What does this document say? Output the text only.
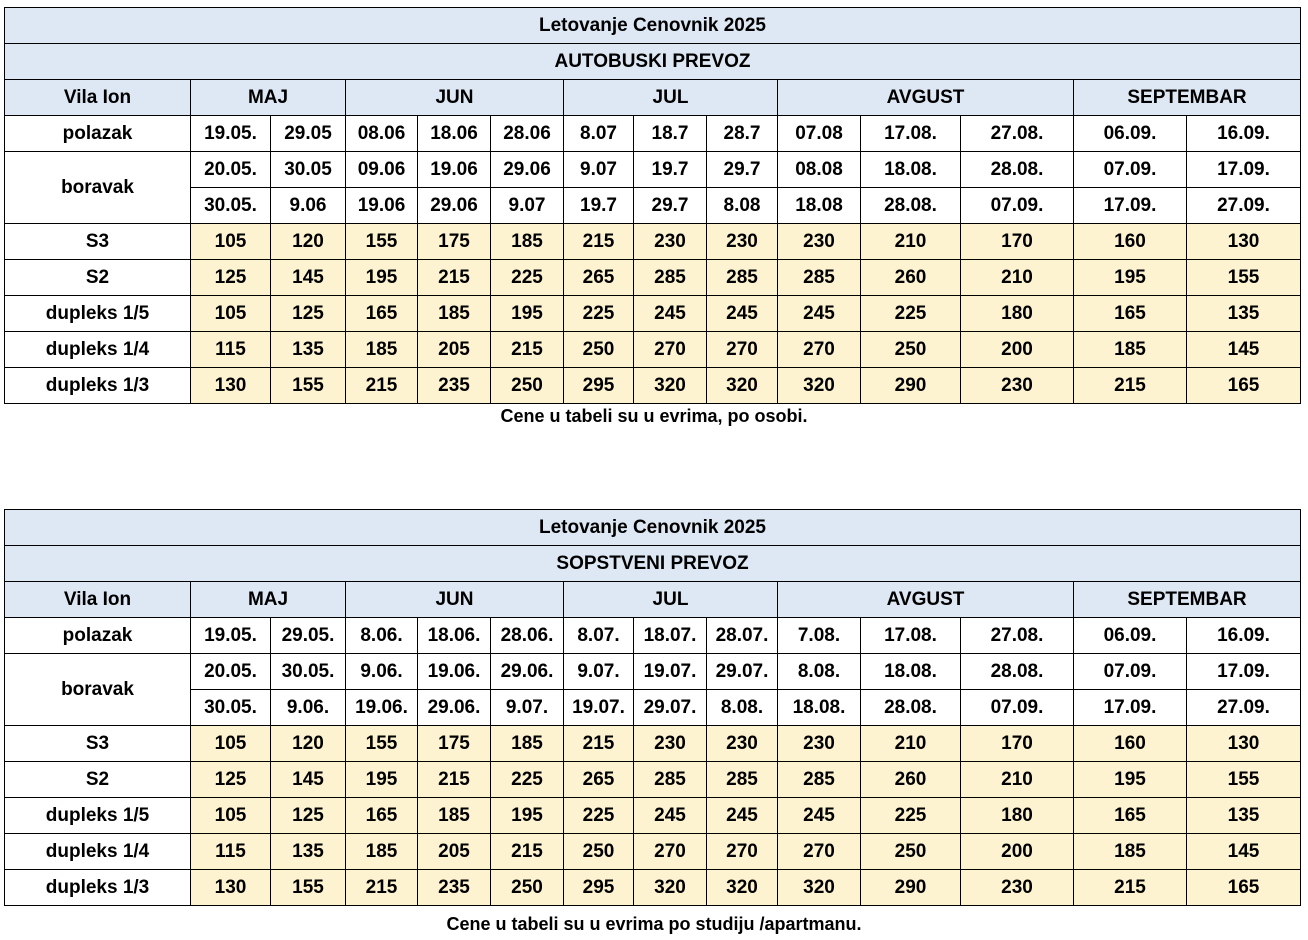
Letovanje Cenovnik 2025													
AUTOBUSKI PREVOZ													
Vila Ion	MAJ		JUN			JUL			AVGUST			SEPTEMBAR	
polazak	19.05.	29.05	08.06	18.06	28.06	8.07	18.7	28.7	07.08	17.08.	27.08.	06.09.	16.09.
boravak	20.05.	30.05	09.06	19.06	29.06	9.07	19.7	29.7	08.08	18.08.	28.08.	07.09.	17.09.
	30.05.	9.06	19.06	29.06	9.07	19.7	29.7	8.08	18.08	28.08.	07.09.	17.09.	27.09.
S3	105	120	155	175	185	215	230	230	230	210	170	160	130
S2	125	145	195	215	225	265	285	285	285	260	210	195	155
dupleks 1/5	105	125	165	185	195	225	245	245	245	225	180	165	135
dupleks 1/4	115	135	185	205	215	250	270	270	270	250	200	185	145
dupleks 1/3	130	155	215	235	250	295	320	320	320	290	230	215	165
Cene u tabeli su u evrima, po osobi.
Letovanje Cenovnik 2025													
SOPSTVENI PREVOZ													
Vila Ion	MAJ		JUN			JUL			AVGUST			SEPTEMBAR	
polazak	19.05.	29.05.	8.06.	18.06.	28.06.	8.07.	18.07.	28.07.	7.08.	17.08.	27.08.	06.09.	16.09.
boravak	20.05.	30.05.	9.06.	19.06.	29.06.	9.07.	19.07.	29.07.	8.08.	18.08.	28.08.	07.09.	17.09.
	30.05.	9.06.	19.06.	29.06.	9.07.	19.07.	29.07.	8.08.	18.08.	28.08.	07.09.	17.09.	27.09.
S3	105	120	155	175	185	215	230	230	230	210	170	160	130
S2	125	145	195	215	225	265	285	285	285	260	210	195	155
dupleks 1/5	105	125	165	185	195	225	245	245	245	225	180	165	135
dupleks 1/4	115	135	185	205	215	250	270	270	270	250	200	185	145
dupleks 1/3	130	155	215	235	250	295	320	320	320	290	230	215	165
Cene u tabeli su u evrima po studiju /apartmanu.
